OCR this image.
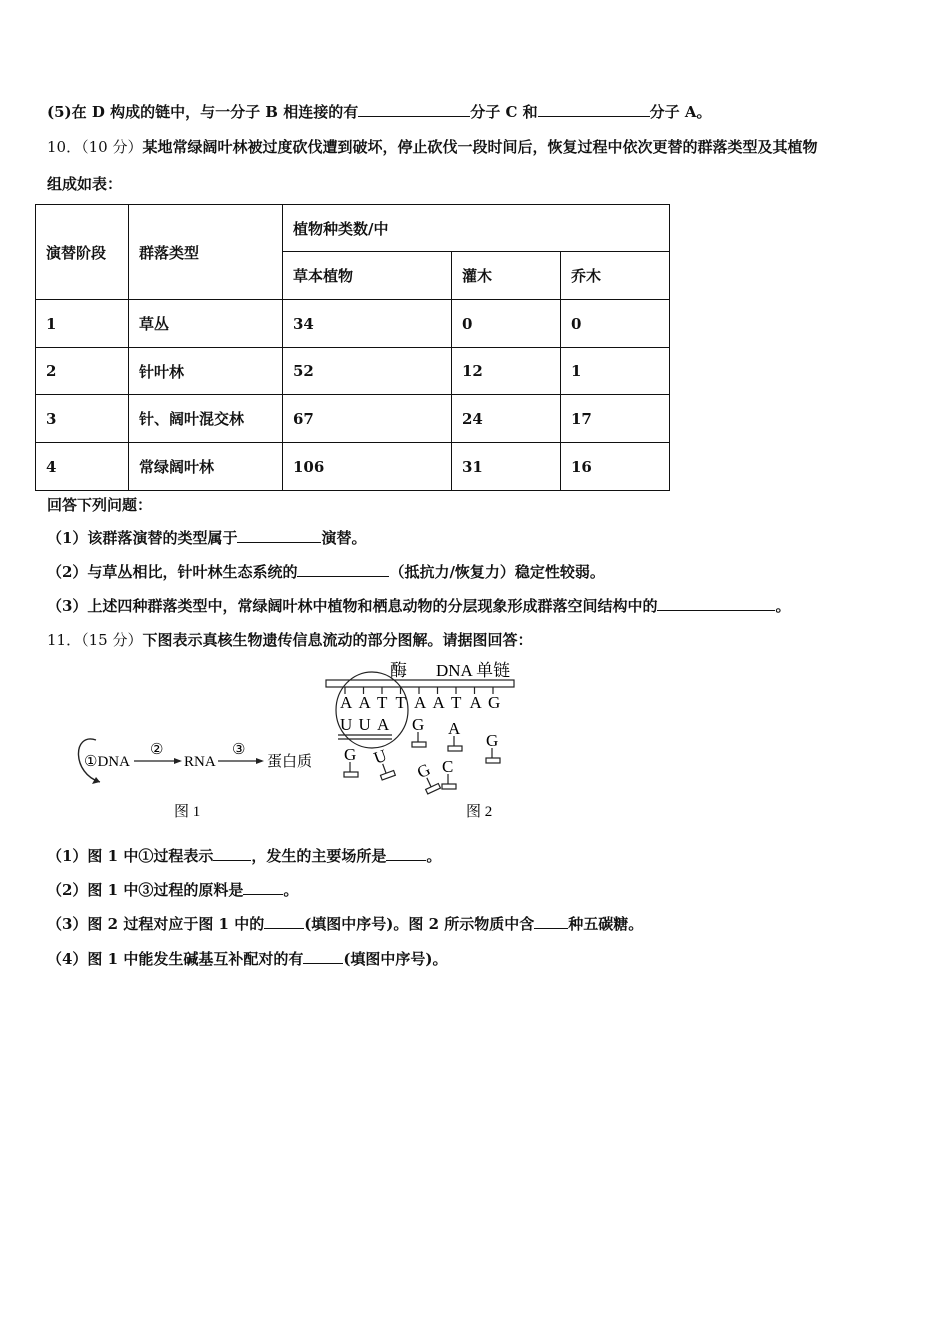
(5)在 D 构成的链中，与一分子 B 相连接的有	分子 C 和	分子 A。
10．（10 分）某地常绿阔叶林被过度砍伐遭到破坏，停止砍伐一段时间后，恢复过程中依次更替的群落类型及其植物
组成如表：
演替阶段	群落类型	植物种类数/中		
		草本植物	灌木	乔木
1	草丛	34	0	0
2	针叶林	52	12	1
3	针、阔叶混交林	67	24	17
4	常绿阔叶林	106	31	16
回答下列问题：
（1）该群落演替的类型属于	演替。
（2）与草丛相比，针叶林生态系统的	（抵抗力/恢复力）稳定性较弱。
（3）上述四种群落类型中，常绿阔叶林中植物和栖息动物的分层现象形成群落空间结构中的	。
11．（15 分）下图表示真核生物遗传信息流动的部分图解。请据图回答：
①DNA
②
RNA
③
蛋白质
图 1
酶 DNA 单链
A A T T A A T A G
U U A G A
G
G U
G C
图 2
（1）图 1 中①过程表示	，发生的主要场所是	。
（2）图 1 中③过程的原料是	。
（3）图 2 过程对应于图 1 中的	(填图中序号)。图 2 所示物质中含 种五碳糖。
（4）图 1 中能发生碱基互补配对的有	(填图中序号)。
